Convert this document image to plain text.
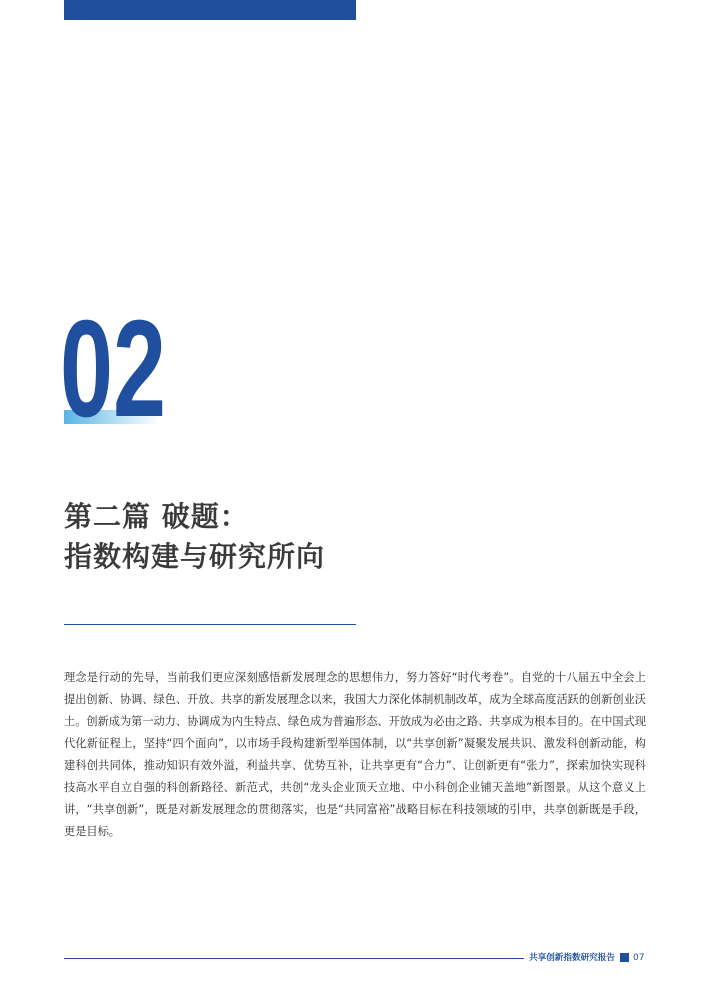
02
第二篇 破题：
指数构建与研究所向

理念是行动的先导，当前我们更应深刻感悟新发展理念的思想伟力，努力答好“时代考卷”。自党的十八届五中全会上提出创新、协调、绿色、开放、共享的新发展理念以来，我国大力深化体制机制改革，成为全球高度活跃的创新创业沃土。创新成为第一动力、协调成为内生特点、绿色成为普遍形态、开放成为必由之路、共享成为根本目的。在中国式现代化新征程上，坚持“四个面向”，以市场手段构建新型举国体制，以“共享创新”凝聚发展共识、激发科创新动能，构建科创共同体，推动知识有效外溢，利益共享、优势互补，让共享更有“合力”、让创新更有“张力”，探索加快实现科技高水平自立自强的科创新路径、新范式，共创“龙头企业顶天立地、中小科创企业铺天盖地”新图景。从这个意义上讲，“共享创新”，既是对新发展理念的贯彻落实，也是“共同富裕”战略目标在科技领域的引申，共享创新既是手段，更是目标。

共享创新指数研究报告 07
